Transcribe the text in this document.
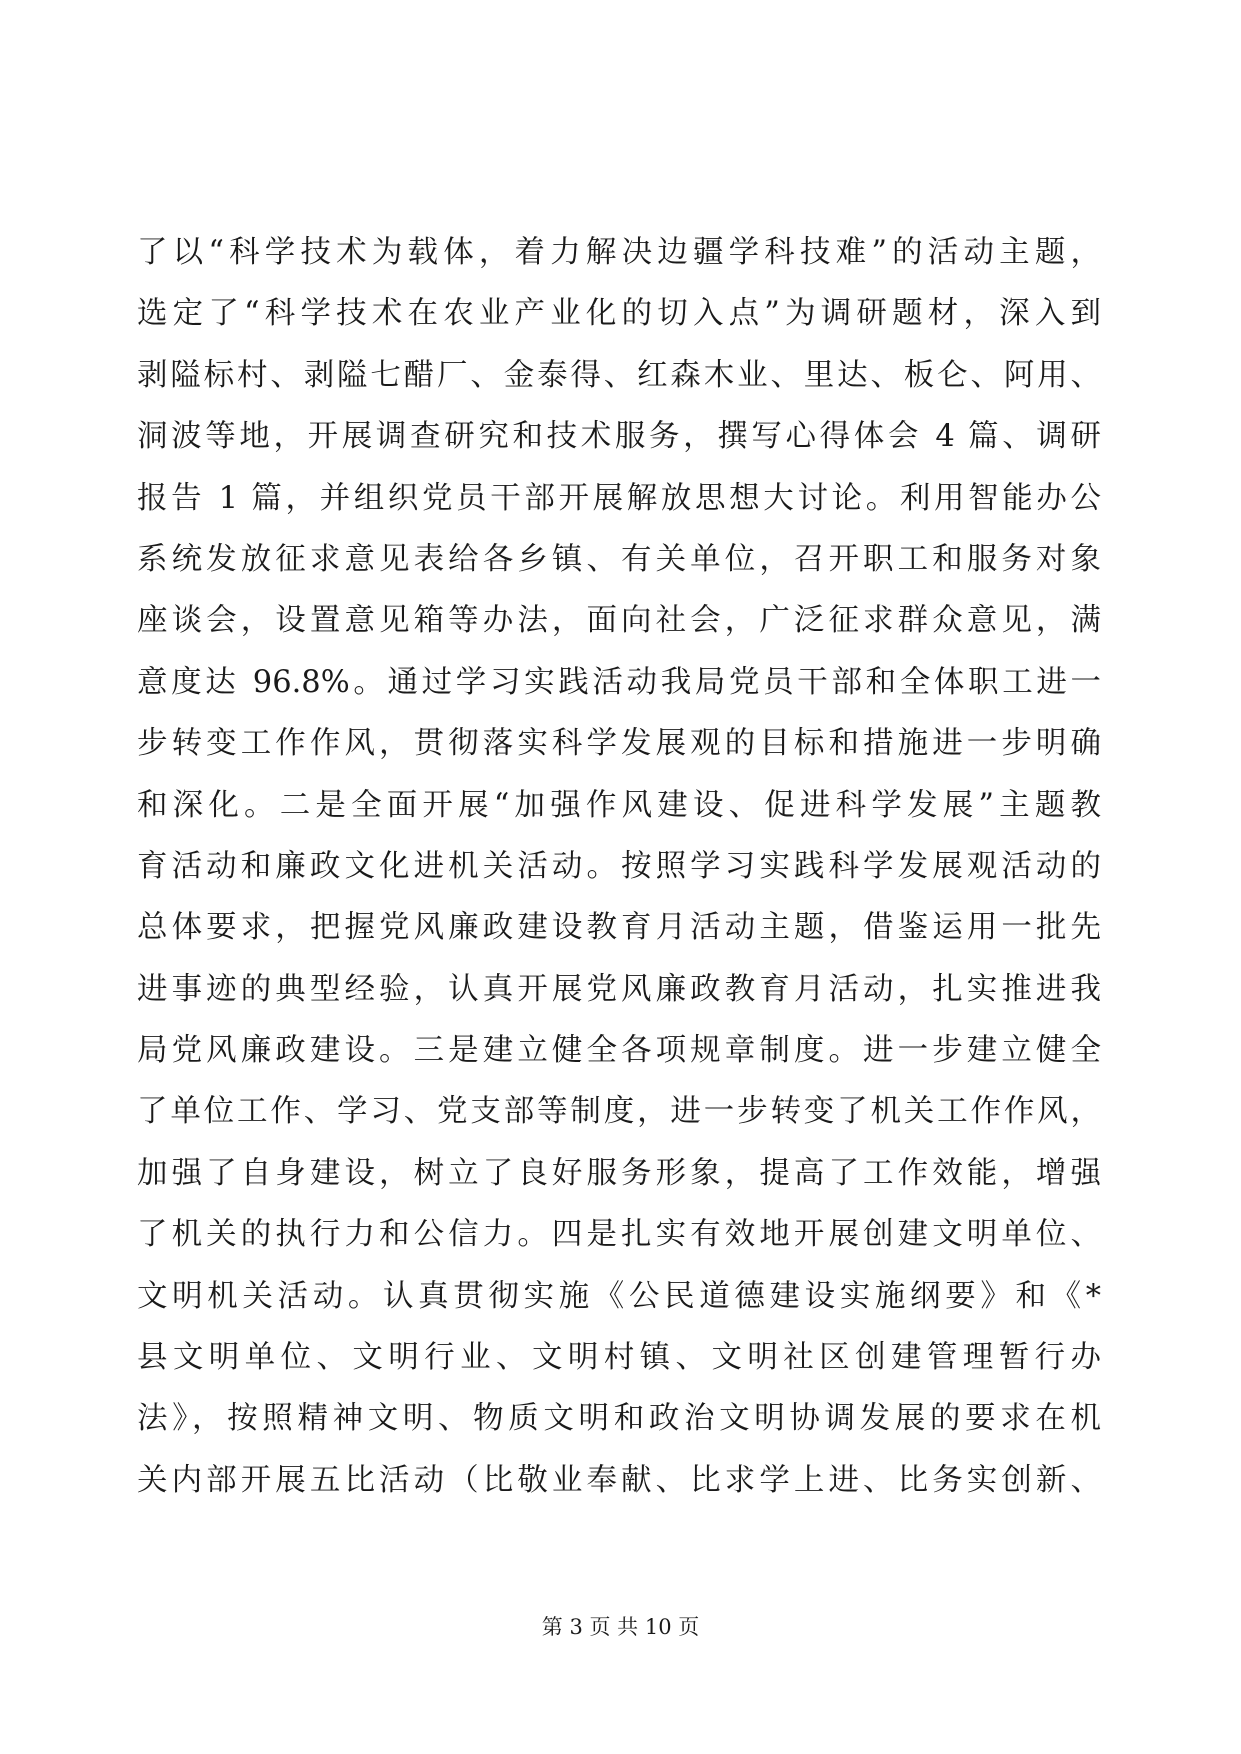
了以“科学技术为载体，着力解决边疆学科技难”的活动主题，
选定了“科学技术在农业产业化的切入点”为调研题材，深入到
剥隘标村、剥隘七醋厂、金泰得、红森木业、里达、板仑、阿用、
洞波等地，开展调查研究和技术服务，撰写心得体会 4 篇、调研
报告 1 篇，并组织党员干部开展解放思想大讨论。利用智能办公
系统发放征求意见表给各乡镇、有关单位，召开职工和服务对象
座谈会，设置意见箱等办法，面向社会，广泛征求群众意见，满
意度达 96.8%。通过学习实践活动我局党员干部和全体职工进一
步转变工作作风，贯彻落实科学发展观的目标和措施进一步明确
和深化。二是全面开展“加强作风建设、促进科学发展”主题教
育活动和廉政文化进机关活动。按照学习实践科学发展观活动的
总体要求，把握党风廉政建设教育月活动主题，借鉴运用一批先
进事迹的典型经验，认真开展党风廉政教育月活动，扎实推进我
局党风廉政建设。三是建立健全各项规章制度。进一步建立健全
了单位工作、学习、党支部等制度，进一步转变了机关工作作风，
加强了自身建设，树立了良好服务形象，提高了工作效能，增强
了机关的执行力和公信力。四是扎实有效地开展创建文明单位、
文明机关活动。认真贯彻实施《公民道德建设实施纲要》和《*
县文明单位、文明行业、文明村镇、文明社区创建管理暂行办
法》，按照精神文明、物质文明和政治文明协调发展的要求在机
关内部开展五比活动（比敬业奉献、比求学上进、比务实创新、
第 3 页 共 10 页
